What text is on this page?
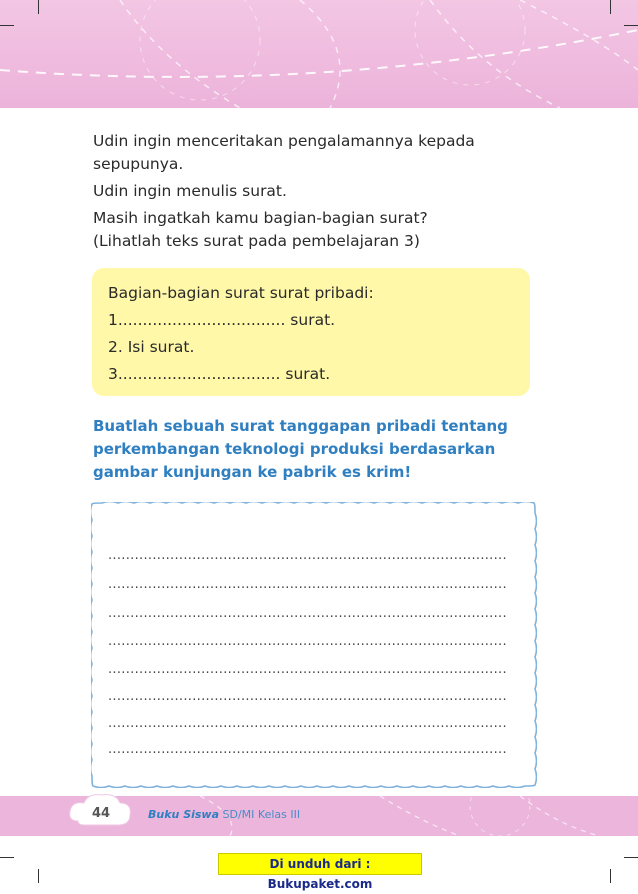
Udin ingin menceritakan pengalamannya kepada

sepupunya.

Udin ingin menulis surat.

Masih ingatkah kamu bagian-bagian surat?

(Lihatlah teks surat pada pembelajaran 3)

Bagian-bagian surat surat pribadi:

1.................................. surat.

2. Isi surat.

3................................. surat.

Buatlah sebuah surat tanggapan pribadi tentang
perkembangan teknologi produksi berdasarkan
gambar kunjungan ke pabrik es krim!
..........................................................................................
..........................................................................................
..........................................................................................
..........................................................................................
..........................................................................................
..........................................................................................
..........................................................................................
..........................................................................................
44	Buku Siswa SD/MI Kelas III
Di unduh dari : Bukupaket.com
